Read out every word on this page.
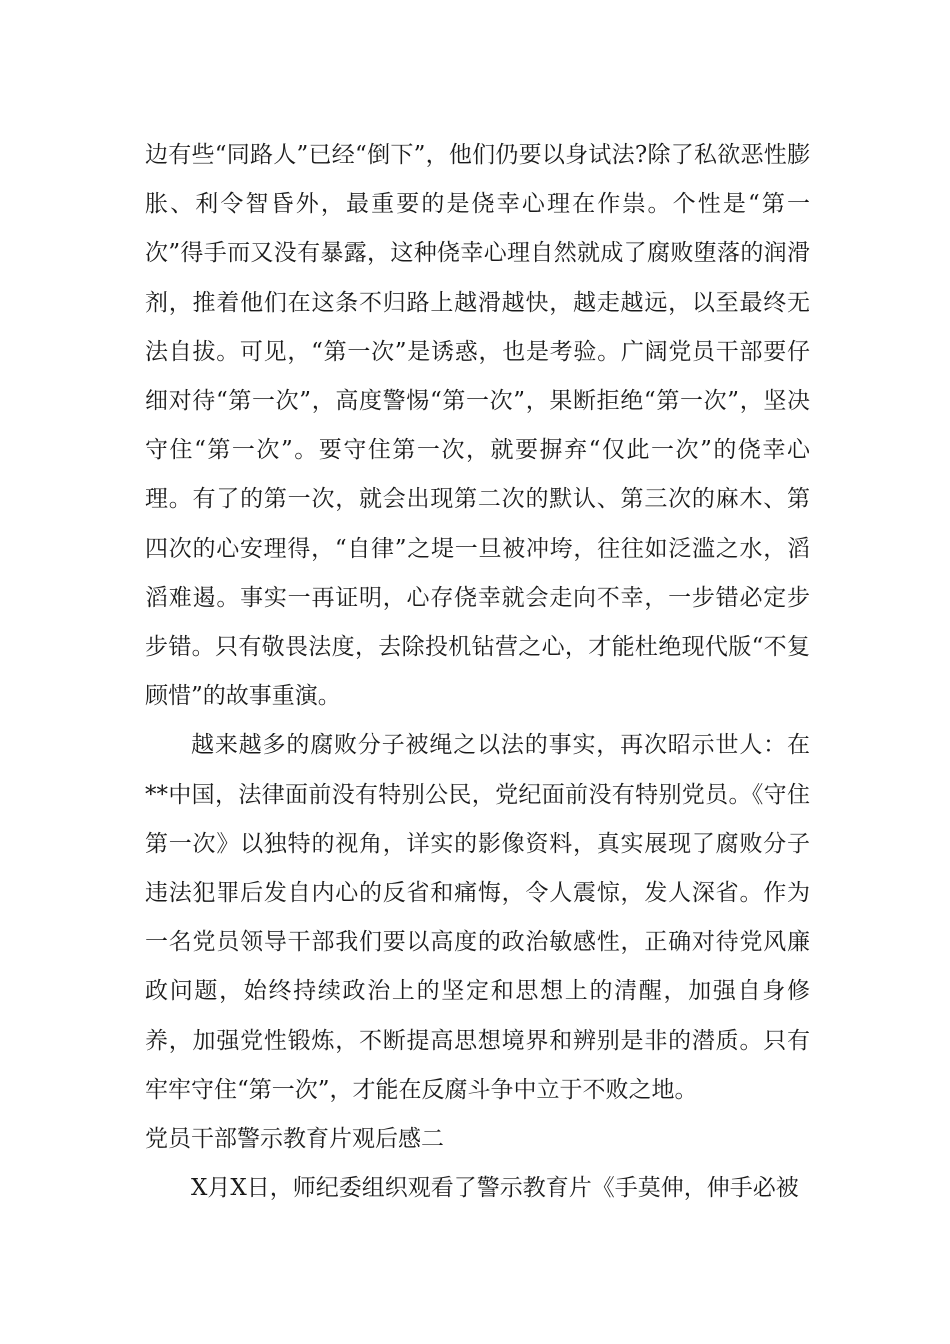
边有些“同路人”已经“倒下”，他们仍要以身试法?除了私欲恶性膨胀、利令智昏外，最重要的是侥幸心理在作祟。个性是“第一次”得手而又没有暴露，这种侥幸心理自然就成了腐败堕落的润滑剂，推着他们在这条不归路上越滑越快，越走越远，以至最终无法自拔。可见，“第一次”是诱惑，也是考验。广阔党员干部要仔细对待“第一次”，高度警惕“第一次”，果断拒绝“第一次”，坚决守住“第一次”。要守住第一次，就要摒弃“仅此一次”的侥幸心理。有了的第一次，就会出现第二次的默认、第三次的麻木、第四次的心安理得，“自律”之堤一旦被冲垮，往往如泛滥之水，滔滔难遏。事实一再证明，心存侥幸就会走向不幸，一步错必定步步错。只有敬畏法度，去除投机钻营之心，才能杜绝现代版“不复顾惜”的故事重演。

越来越多的腐败分子被绳之以法的事实，再次昭示世人：在**中国，法律面前没有特别公民，党纪面前没有特别党员。《守住第一次》以独特的视角，详实的影像资料，真实展现了腐败分子违法犯罪后发自内心的反省和痛悔，令人震惊，发人深省。作为一名党员领导干部我们要以高度的政治敏感性，正确对待党风廉政问题，始终持续政治上的坚定和思想上的清醒，加强自身修养，加强党性锻炼，不断提高思想境界和辨别是非的潜质。只有牢牢守住“第一次”，才能在反腐斗争中立于不败之地。

党员干部警示教育片观后感二

X月X日，师纪委组织观看了警示教育片《手莫伸，伸手必被
